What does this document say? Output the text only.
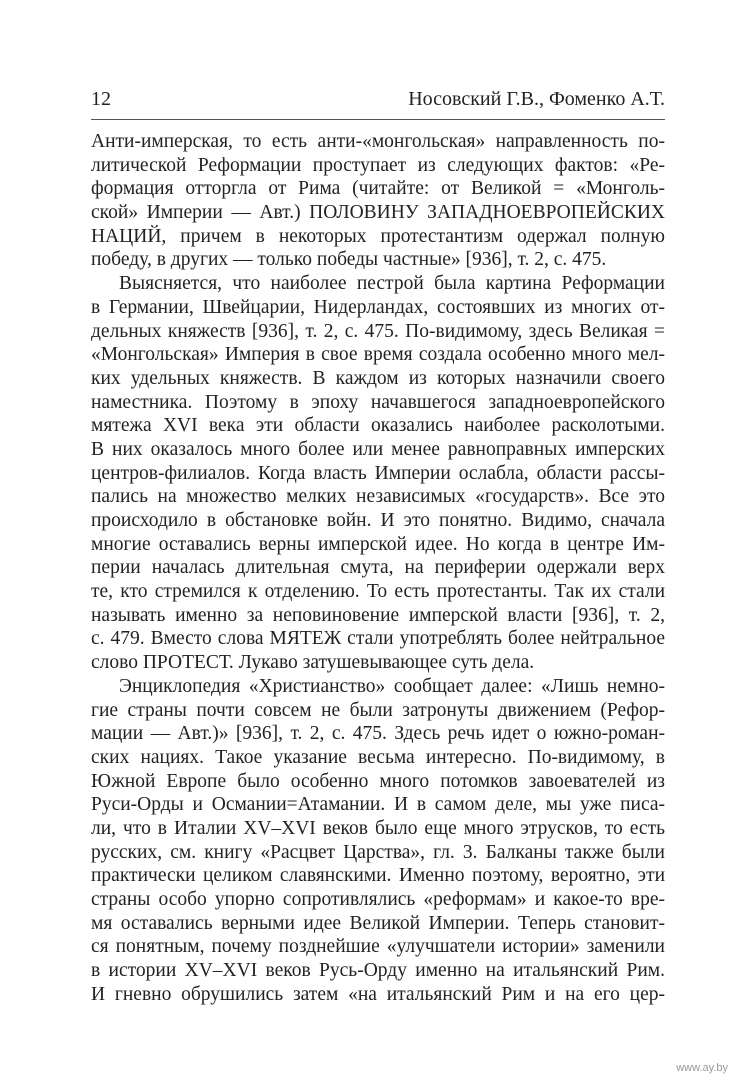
12	Носовский Г.В., Фоменко А.Т.
Анти-имперская, то есть анти-«монгольская» направленность по-
литической Реформации проступает из следующих фактов: «Ре-
формация отторгла от Рима (читайте: от Великой = «Монголь-
ской» Империи — Авт.) ПОЛОВИНУ ЗАПАДНОЕВРОПЕЙСКИХ
НАЦИЙ, причем в некоторых протестантизм одержал полную
победу, в других — только победы частные» [936], т. 2, с. 475.
Выясняется, что наиболее пестрой была картина Реформации
в Германии, Швейцарии, Нидерландах, состоявших из многих от-
дельных княжеств [936], т. 2, с. 475. По-видимому, здесь Великая =
«Монгольская» Империя в свое время создала особенно много мел-
ких удельных княжеств. В каждом из которых назначили своего
наместника. Поэтому в эпоху начавшегося западноевропейского
мятежа XVI века эти области оказались наиболее расколотыми.
В них оказалось много более или менее равноправных имперских
центров-филиалов. Когда власть Империи ослабла, области рассы-
пались на множество мелких независимых «государств». Все это
происходило в обстановке войн. И это понятно. Видимо, сначала
многие оставались верны имперской идее. Но когда в центре Им-
перии началась длительная смута, на периферии одержали верх
те, кто стремился к отделению. То есть протестанты. Так их стали
называть именно за неповиновение имперской власти [936], т. 2,
с. 479. Вместо слова МЯТЕЖ стали употреблять более нейтральное
слово ПРОТЕСТ. Лукаво затушевывающее суть дела.
Энциклопедия «Христианство» сообщает далее: «Лишь немно-
гие страны почти совсем не были затронуты движением (Рефор-
мации — Авт.)» [936], т. 2, с. 475. Здесь речь идет о южно-роман-
ских нациях. Такое указание весьма интересно. По-видимому, в
Южной Европе было особенно много потомков завоевателей из
Руси-Орды и Османии=Атамании. И в самом деле, мы уже писа-
ли, что в Италии XV–XVI веков было еще много этрусков, то есть
русских, см. книгу «Расцвет Царства», гл. 3. Балканы также были
практически целиком славянскими. Именно поэтому, вероятно, эти
страны особо упорно сопротивлялись «реформам» и какое-то вре-
мя оставались верными идее Великой Империи. Теперь становит-
ся понятным, почему позднейшие «улучшатели истории» заменили
в истории XV–XVI веков Русь-Орду именно на итальянский Рим.
И гневно обрушились затем «на итальянский Рим и на его цер-
www.ay.by
